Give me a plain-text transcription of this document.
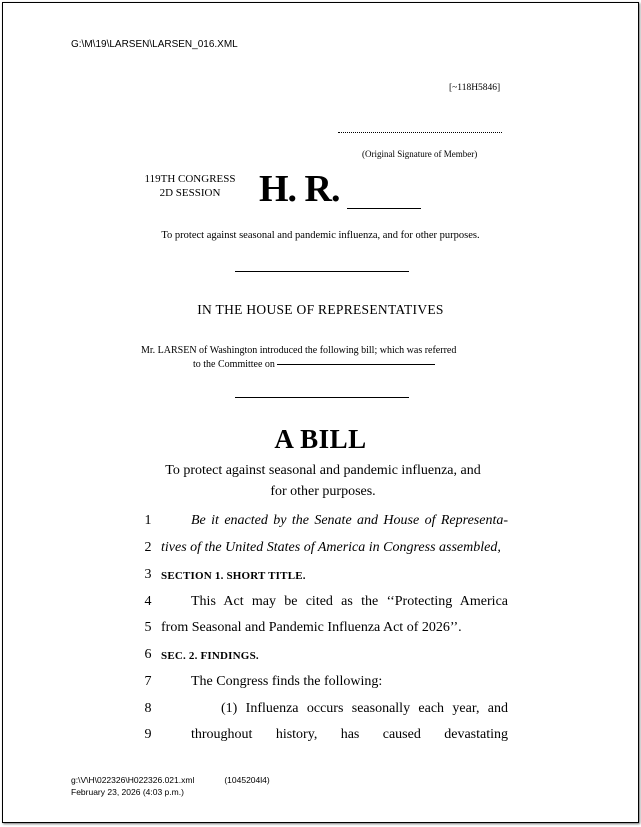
G:\M\19\LARSEN\LARSEN_016.XML
[~118H5846]
(Original Signature of Member)
119TH CONGRESS
2D SESSION	H. R.
To protect against seasonal and pandemic influenza, and for other purposes.
IN THE HOUSE OF REPRESENTATIVES
Mr. LARSEN of Washington introduced the following bill; which was referred
to the Committee on
A BILL
To protect against seasonal and pandemic influenza, and
for other purposes.
1	Be it enacted by the Senate and House of Representa-
2 tives of the United States of America in Congress assembled,
3 SECTION 1. SHORT TITLE.
4	This Act may be cited as the ‘‘Protecting America
5 from Seasonal and Pandemic Influenza Act of 2026’’.
6 SEC. 2. FINDINGS.
7	The Congress finds the following:
8	(1) Influenza occurs seasonally each year, and
9	throughout history, has caused devastating
g:\V\H\022326\H022326.021.xml	(1045204l4)
February 23, 2026 (4:03 p.m.)
